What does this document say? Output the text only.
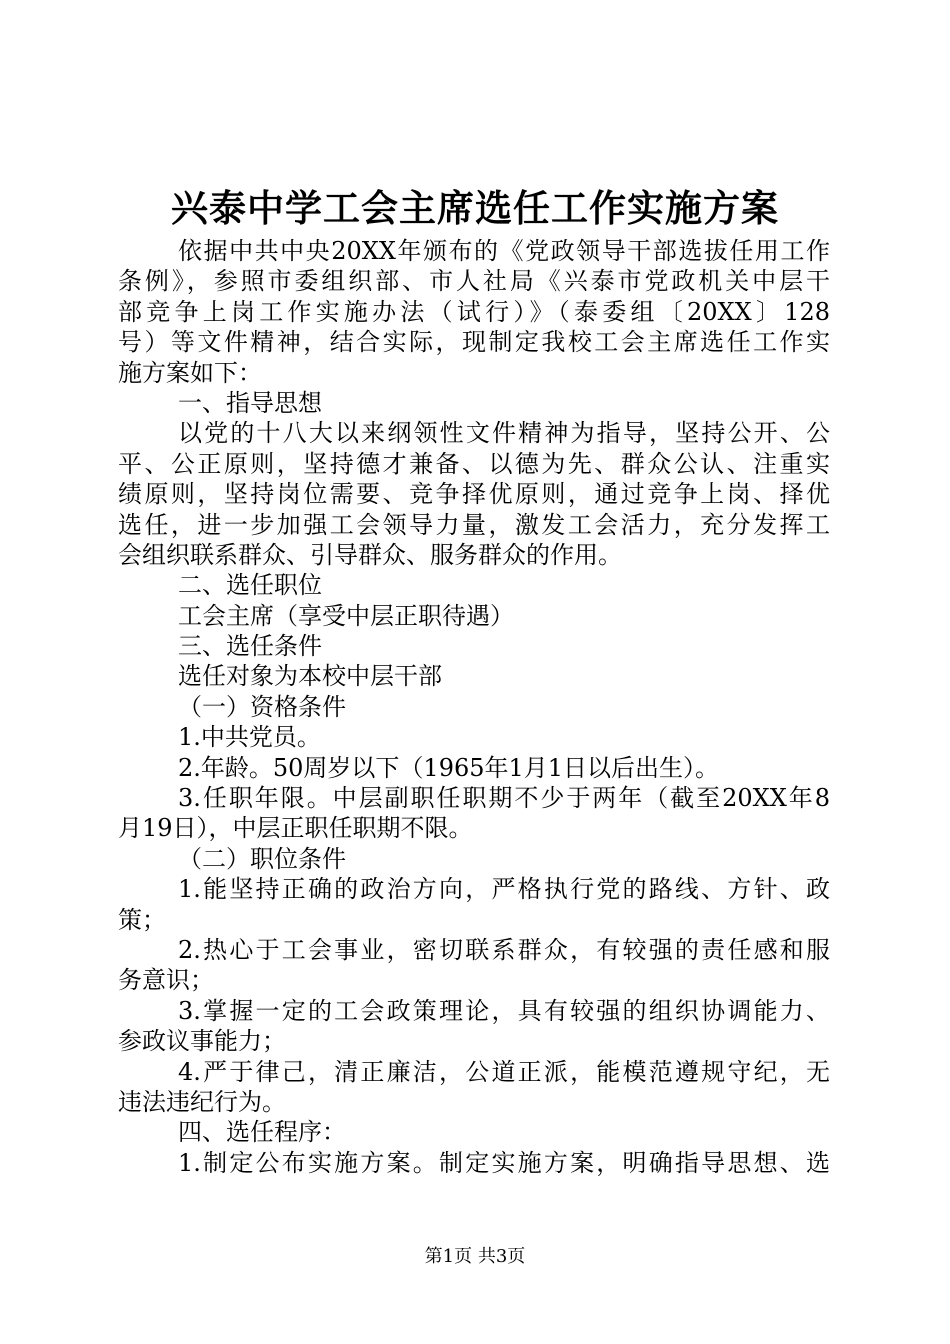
兴泰中学工会主席选任工作实施方案
依据中共中央20XX年颁布的《党政领导干部选拔任用工作
条例》，参照市委组织部、市人社局《兴泰市党政机关中层干
部竞争上岗工作实施办法（试行）》（泰委组〔20XX〕128
号）等文件精神，结合实际，现制定我校工会主席选任工作实
施方案如下：
一、指导思想
以党的十八大以来纲领性文件精神为指导，坚持公开、公
平、公正原则，坚持德才兼备、以德为先、群众公认、注重实
绩原则，坚持岗位需要、竞争择优原则，通过竞争上岗、择优
选任，进一步加强工会领导力量，激发工会活力，充分发挥工
会组织联系群众、引导群众、服务群众的作用。
二、选任职位
工会主席（享受中层正职待遇）
三、选任条件
选任对象为本校中层干部
（一）资格条件
1.中共党员。
2.年龄。50周岁以下（1965年1月1日以后出生）。
3.任职年限。中层副职任职期不少于两年（截至20XX年8
月19日），中层正职任职期不限。
（二）职位条件
1.能坚持正确的政治方向，严格执行党的路线、方针、政
策；
2.热心于工会事业，密切联系群众，有较强的责任感和服
务意识；
3.掌握一定的工会政策理论，具有较强的组织协调能力、
参政议事能力；
4.严于律己，清正廉洁，公道正派，能模范遵规守纪，无
违法违纪行为。
四、选任程序：
1.制定公布实施方案。制定实施方案，明确指导思想、选
第1页 共3页
